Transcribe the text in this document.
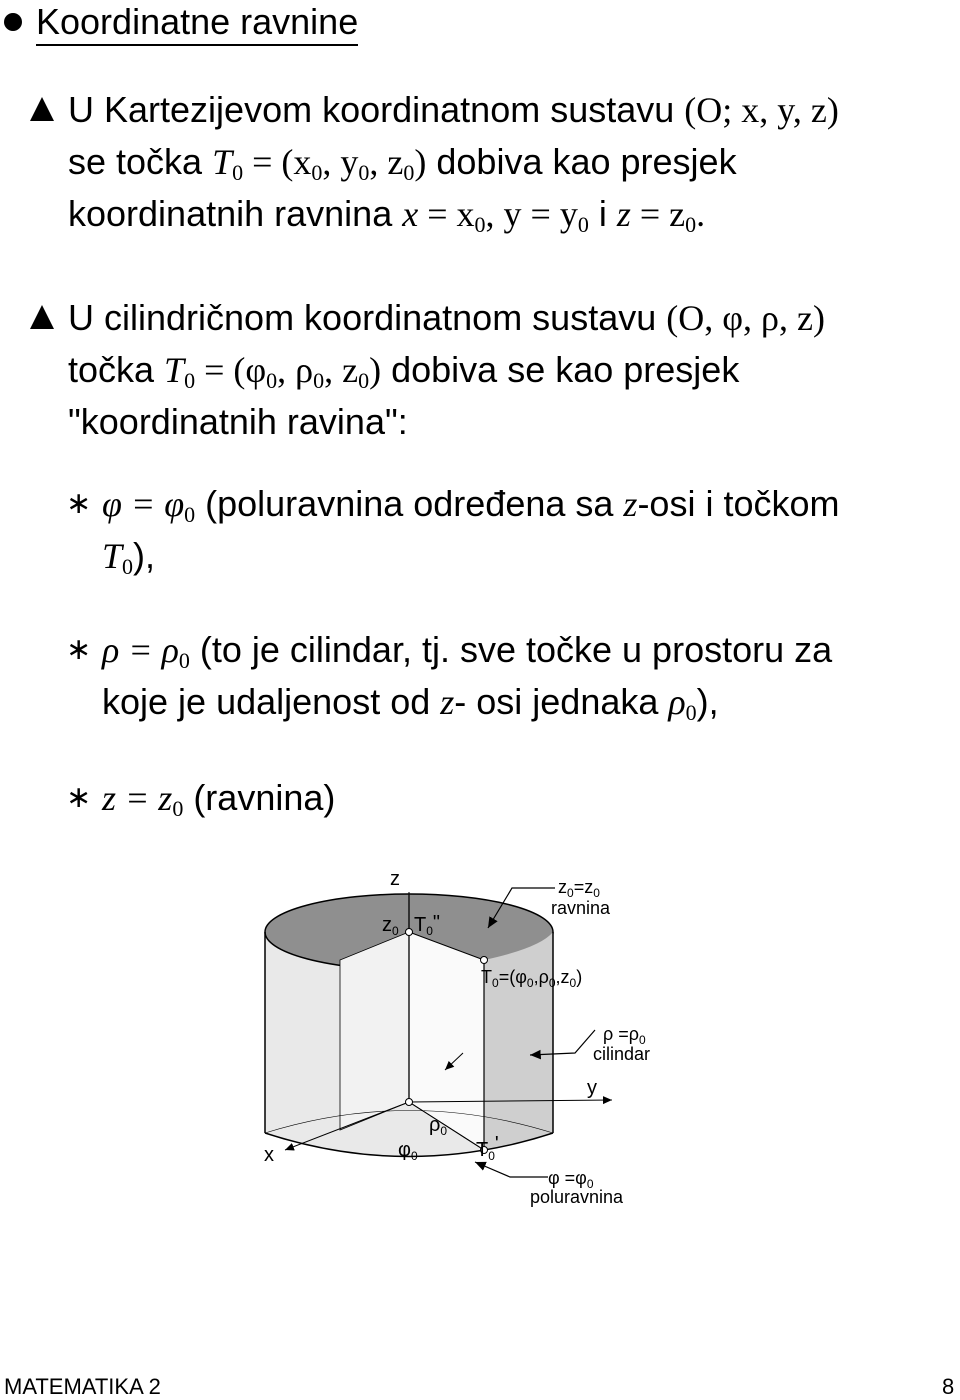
Koordinatne ravnine
U Kartezijevom koordinatnom sustavu (O; x, y, z)
se točka $T_0 = (x_0$, $y_0$, $z_0$) dobiva kao presjek
koordinatnih ravnina $x = x_0$, $y = y_0$ i $z = z_0$.
U cilindričnom koordinatnom sustavu (O, φ, ρ, z)
točka $T_0 = (\varphi_0$, $\rho_0$, $z_0$) dobiva se kao presjek
"koordinatnih ravina":
∗ $\varphi = \varphi_0$ (poluravnina određena sa z-osi i točkom
$T_0$),
∗ $\rho = \rho_0$ (to je cilindar, tj. sve točke u prostoru za
koje je udaljenost od z- osi jednaka $\rho_0$),
∗ $z = z_0$ (ravnina)
z
$z_0$ $T_0$"
$z_0=z_0$
ravnina
$T_0=(\varphi_0,\rho_0,z_0)$
$\rho =\rho_0$
cilindar
y
$\rho_0$
x	$\varphi_0$	$T_0'$
$\varphi =\varphi_0$
poluravnina
MATEMATIKA 2	8
